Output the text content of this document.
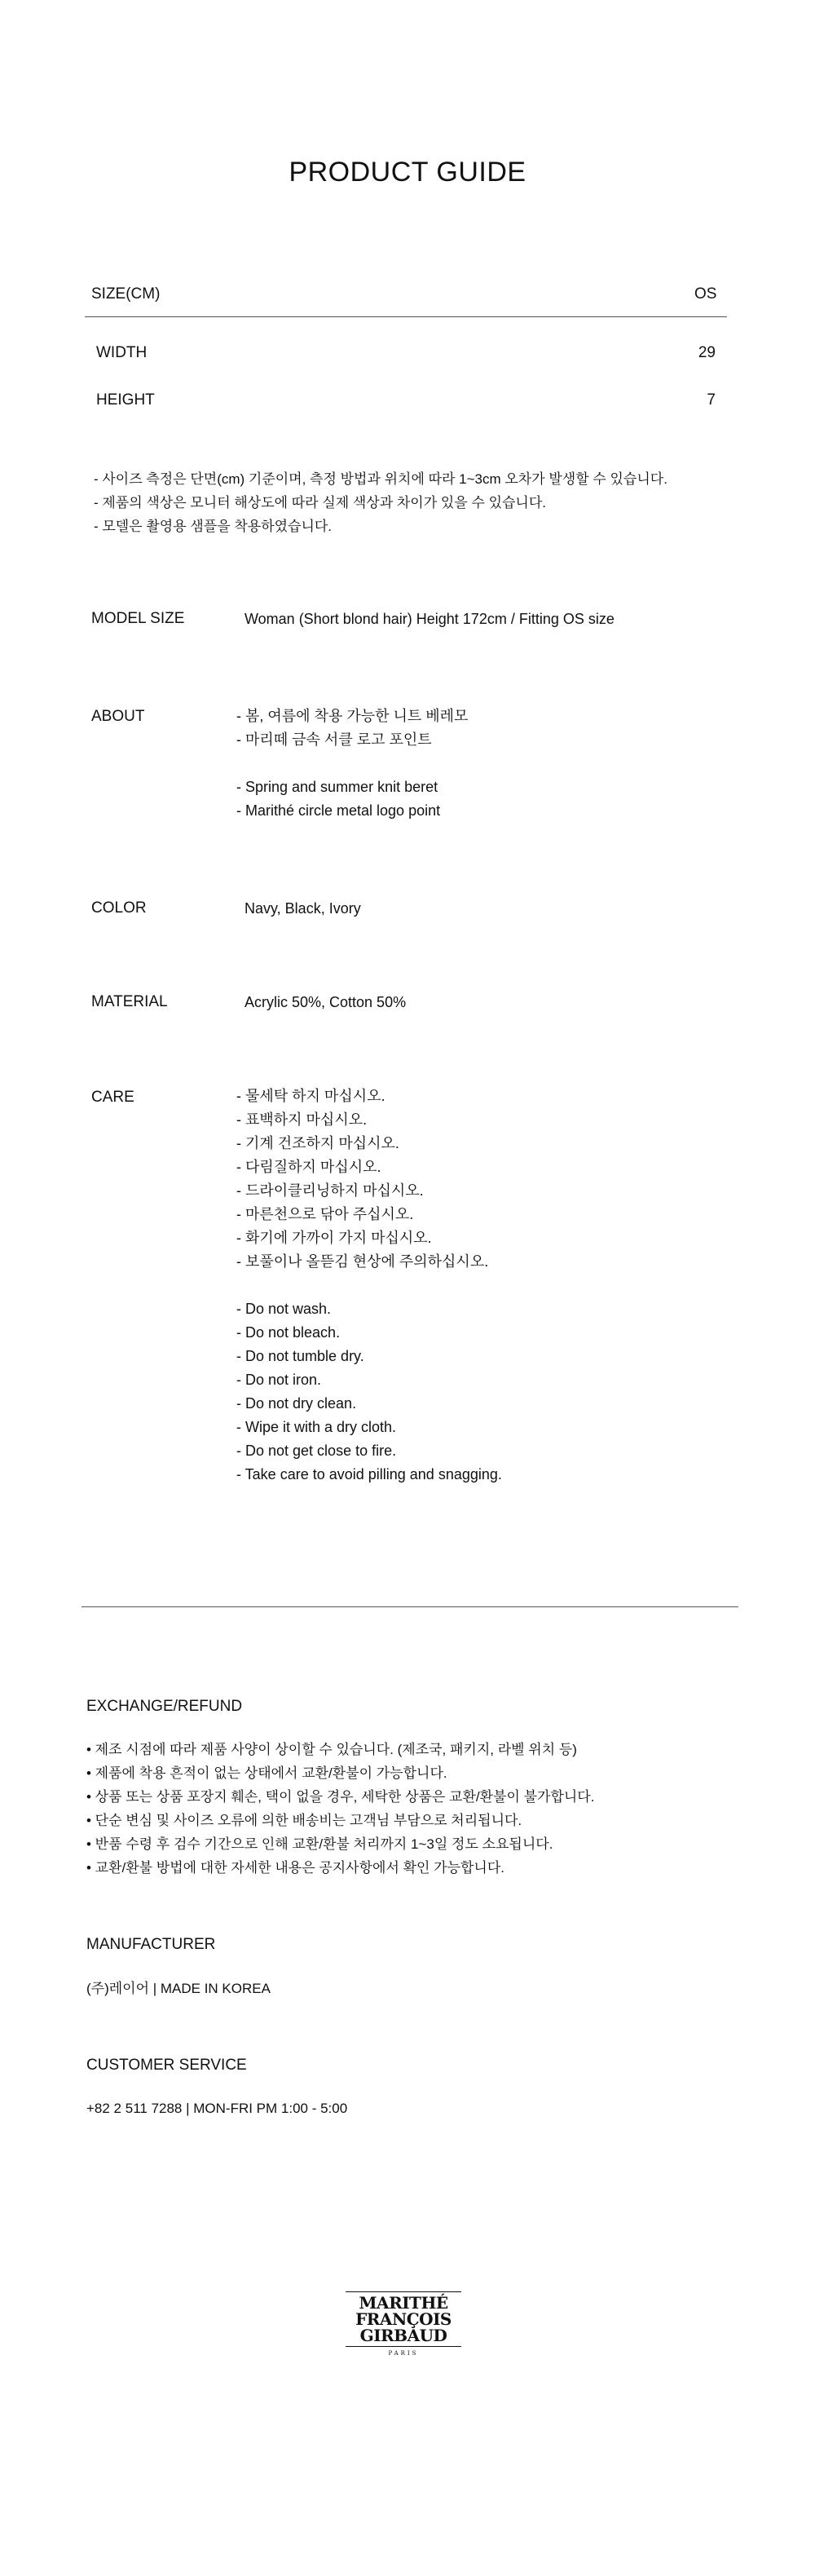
PRODUCT GUIDE
SIZE(CM)	OS
WIDTH	29
HEIGHT	7
- 사이즈 측정은 단면(cm) 기준이며, 측정 방법과 위치에 따라 1~3cm 오차가 발생할 수 있습니다.
- 제품의 색상은 모니터 해상도에 따라 실제 색상과 차이가 있을 수 있습니다.
- 모델은 촬영용 샘플을 착용하였습니다.
MODEL SIZE	Woman (Short blond hair) Height 172cm / Fitting OS size
ABOUT	- 봄, 여름에 착용 가능한 니트 베레모
- 마리떼 금속 서클 로고 포인트
- Spring and summer knit beret
- Marithé circle metal logo point
COLOR	Navy, Black, Ivory
MATERIAL	Acrylic 50%, Cotton 50%
CARE	- 물세탁 하지 마십시오.
- 표백하지 마십시오.
- 기계 건조하지 마십시오.
- 다림질하지 마십시오.
- 드라이클리닝하지 마십시오.
- 마른천으로 닦아 주십시오.
- 화기에 가까이 가지 마십시오.
- 보풀이나 올뜯김 현상에 주의하십시오.
- Do not wash.
- Do not bleach.
- Do not tumble dry.
- Do not iron.
- Do not dry clean.
- Wipe it with a dry cloth.
- Do not get close to fire.
- Take care to avoid pilling and snagging.
EXCHANGE/REFUND
• 제조 시점에 따라 제품 사양이 상이할 수 있습니다. (제조국, 패키지, 라벨 위치 등)
• 제품에 착용 흔적이 없는 상태에서 교환/환불이 가능합니다.
• 상품 또는 상품 포장지 훼손, 택이 없을 경우, 세탁한 상품은 교환/환불이 불가합니다.
• 단순 변심 및 사이즈 오류에 의한 배송비는 고객님 부담으로 처리됩니다.
• 반품 수령 후 검수 기간으로 인해 교환/환불 처리까지 1~3일 정도 소요됩니다.
• 교환/환불 방법에 대한 자세한 내용은 공지사항에서 확인 가능합니다.
MANUFACTURER
(주)레이어 | MADE IN KOREA
CUSTOMER SERVICE
+82 2 511 7288 | MON-FRI PM 1:00 - 5:00
MARITHÉ
FRANÇOIS
GIRBAUD
PARIS
